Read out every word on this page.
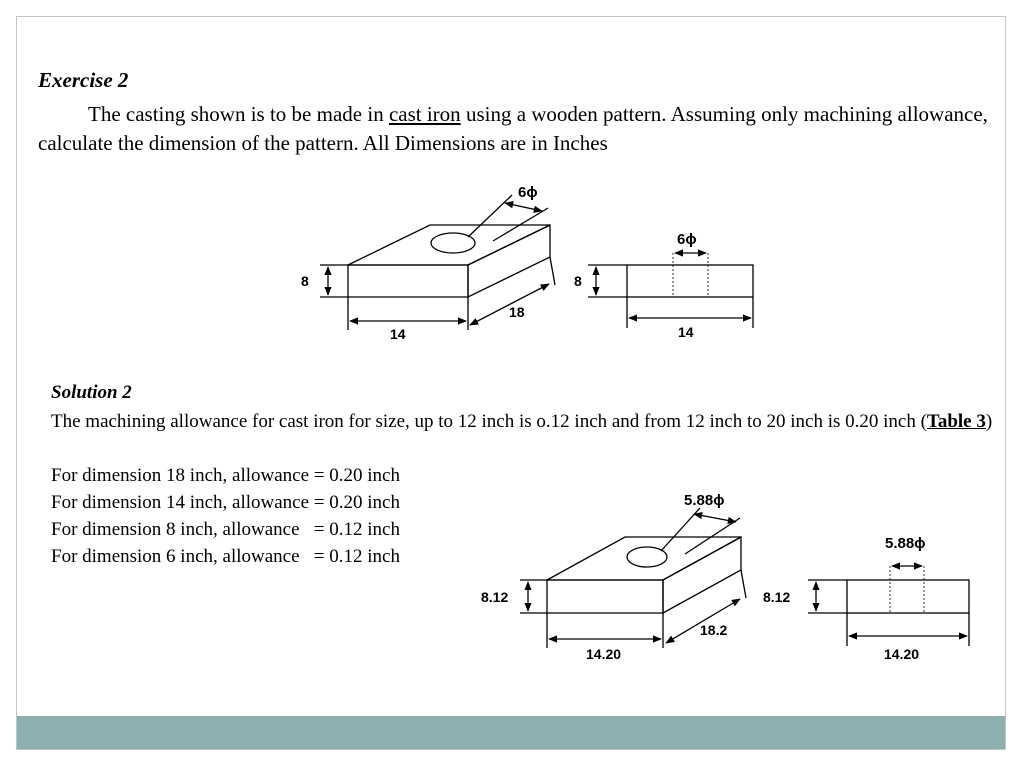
Exercise 2
The casting shown is to be made in cast iron using a wooden pattern. Assuming only machining allowance, calculate the dimension of the pattern. All Dimensions are in Inches
Solution 2
The machining allowance for cast iron for size, up to 12 inch is o.12 inch and from 12 inch to 20 inch is 0.20 inch (Table 3)
For dimension 18 inch, allowance = 0.20 inch
For dimension 14 inch, allowance = 0.20 inch
For dimension 8 inch, allowance   = 0.12 inch
For dimension 6 inch, allowance   = 0.12 inch
6ϕ
8
14
18
6ϕ
8
14
5.88ϕ
8.12
14.20
18.2
5.88ϕ
8.12
14.20
